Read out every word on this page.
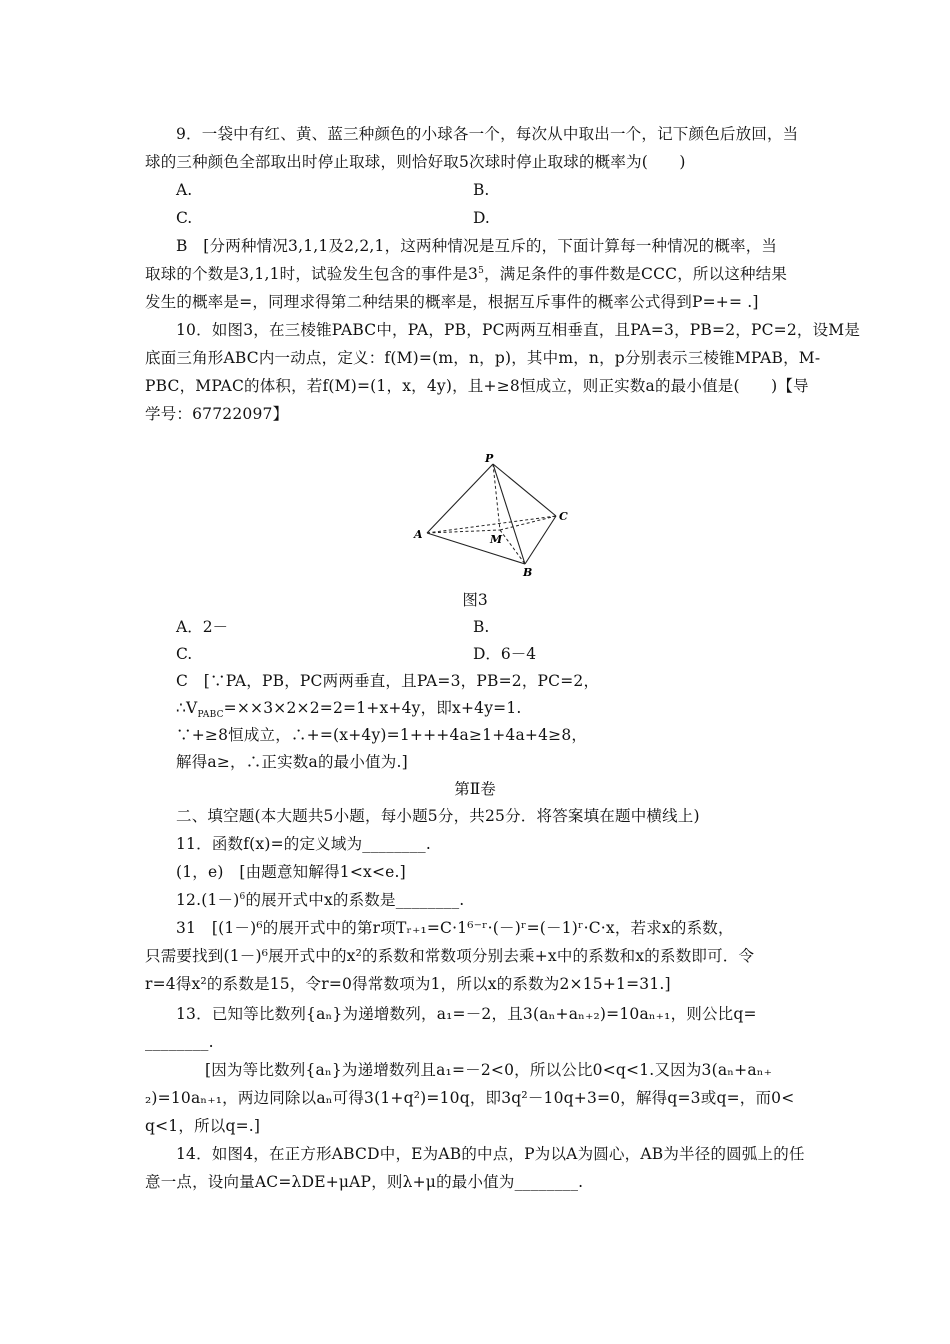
9．一袋中有红、黄、蓝三种颜色的小球各一个，每次从中取出一个，记下颜色后放回，当
球的三种颜色全部取出时停止取球，则恰好取5次球时停止取球的概率为(　　)
A.	B.
C.	D.
B　[分两种情况3,1,1及2,2,1，这两种情况是互斥的，下面计算每一种情况的概率，当
取球的个数是3,1,1时，试验发生包含的事件是$3^5$，满足条件的事件数是CCC，所以这种结果
发生的概率是=，同理求得第二种结果的概率是，根据互斥事件的概率公式得到P=+= .]
10．如图3，在三棱锥PABC中，PA，PB，PC两两互相垂直，且PA=3，PB=2，PC=2，设M是
底面三角形ABC内一动点，定义：f(M)=(m，n，p)，其中m，n，p分别表示三棱锥MPAB，M-
PBC，MPAC的体积，若f(M)=(1，x，4y)，且+≥8恒成立，则正实数a的最小值是(　　)【导
学号：67722097】
P
A
B
C
M
图3
A．2－	B.
C.	D．6－4
C　[∵PA，PB，PC两两垂直，且PA=3，PB=2，PC=2，
$\therefore V_{PABC}=\times\times 3\times 2\times 2=2=1+x+4y$，即x+4y=1.
∵+≥8恒成立，∴+=(x+4y)=1+++4a≥1+4a+4≥8，
解得a≥，∴正实数a的最小值为.]
第Ⅱ卷
二、填空题(本大题共5小题，每小题5分，共25分．将答案填在题中横线上)
11．函数f(x)=的定义域为________.
(1，e)　[由题意知解得1<x<e.]
$12.(1-)^6$的展开式中x的系数是________.
31　[(1－)⁶的展开式中的第r项Tᵣ₊₁=C·1⁶⁻ʳ·(－)ʳ=(－1)ʳ·C·x，若求x的系数，
只需要找到(1－)⁶展开式中的x²的系数和常数项分别去乘+x中的系数和x的系数即可．令
r=4得x²的系数是15，令r=0得常数项为1，所以x的系数为2×15+1=31.]
13．已知等比数列{aₙ}为递增数列，a₁=－2，且3(aₙ+aₙ₊₂)=10aₙ₊₁，则公比q=
________.
[因为等比数列{aₙ}为递增数列且a₁=－2<0，所以公比0<q<1.又因为3(aₙ+aₙ₊
₂)=10aₙ₊₁，两边同除以aₙ可得3(1+q²)=10q，即3q²－10q+3=0，解得q=3或q=，而0<
q<1，所以q=.]
14．如图4，在正方形ABCD中，E为AB的中点，P为以A为圆心，AB为半径的圆弧上的任
意一点，设向量AC=λDE+μAP，则λ+μ的最小值为________.
